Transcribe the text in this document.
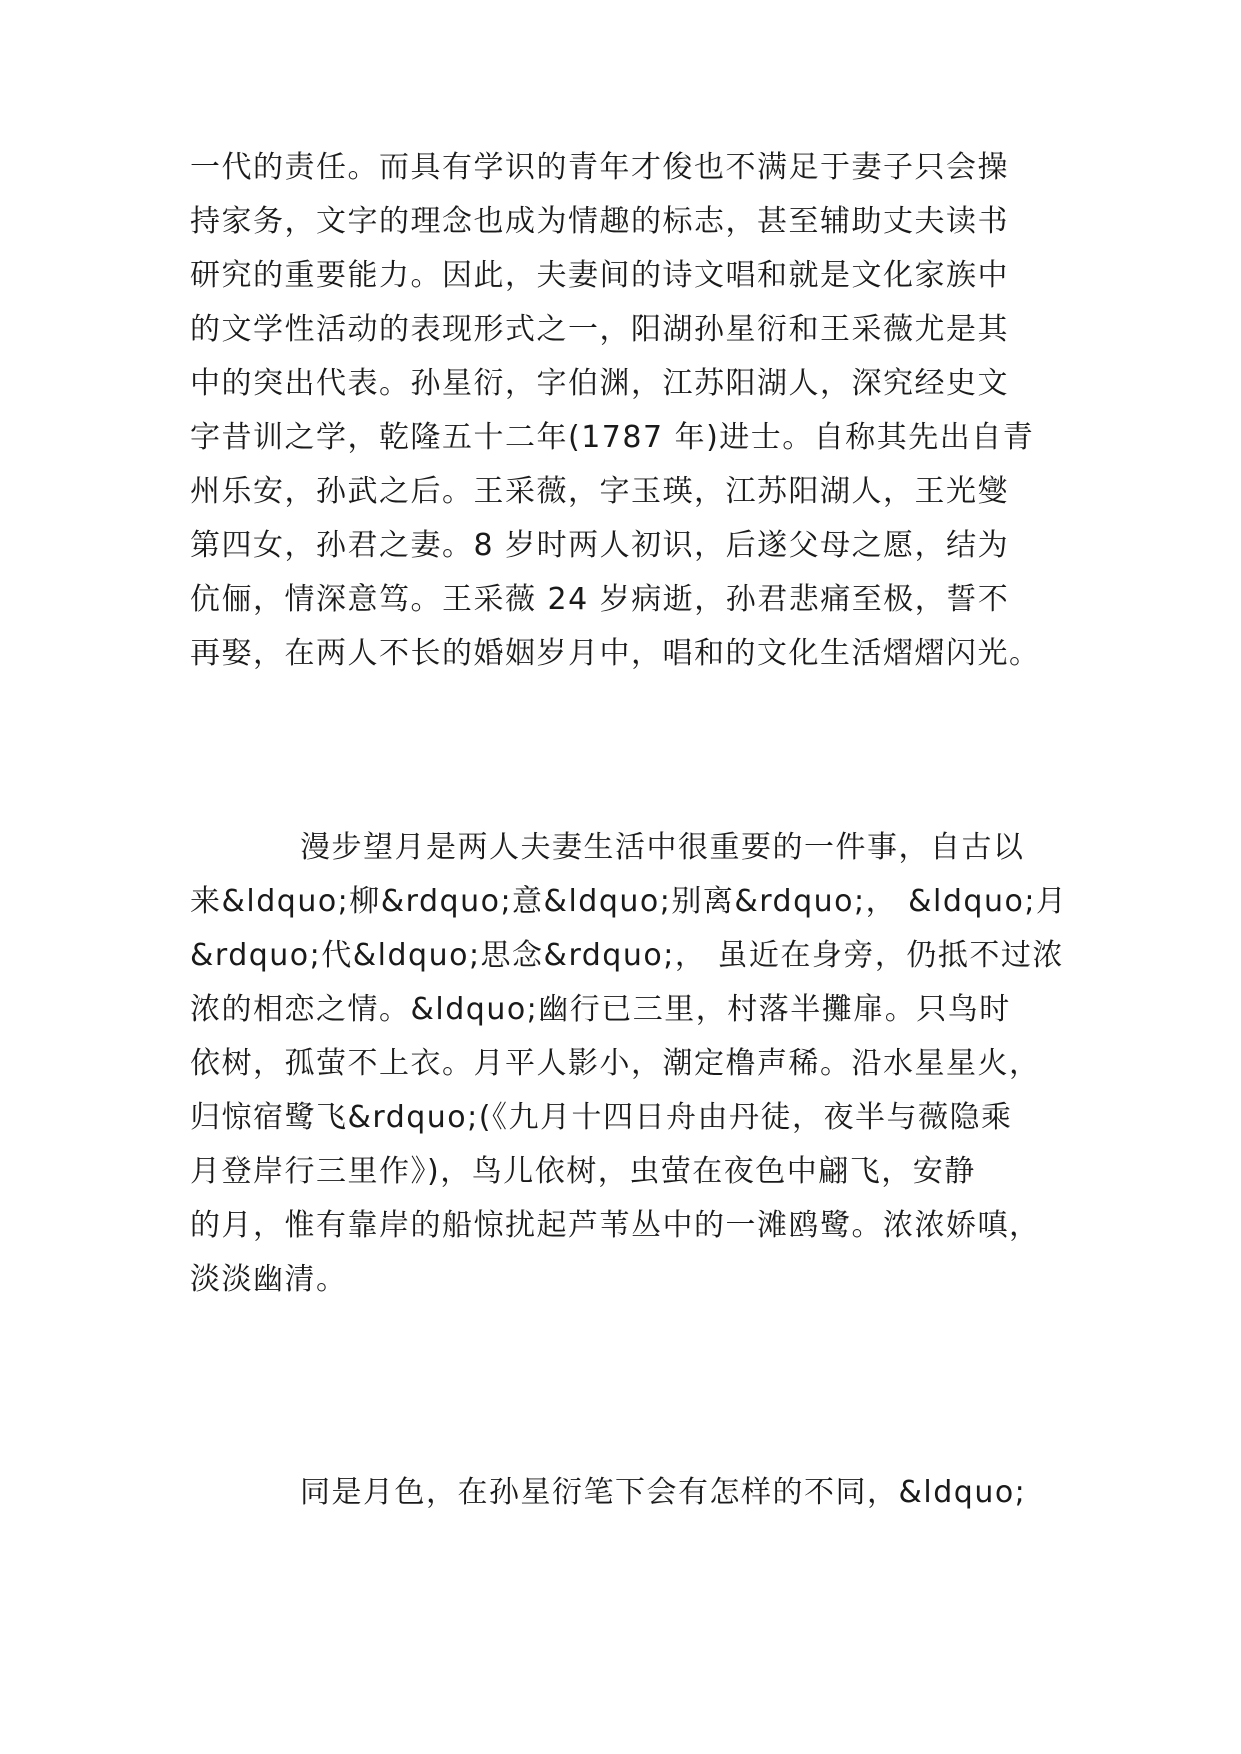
一代的责任。而具有学识的青年才俊也不满足于妻子只会操
持家务，文字的理念也成为情趣的标志，甚至辅助丈夫读书
研究的重要能力。因此，夫妻间的诗文唱和就是文化家族中
的文学性活动的表现形式之一，阳湖孙星衍和王采薇尤是其
中的突出代表。孙星衍，字伯渊，江苏阳湖人，深究经史文
字昔训之学，乾隆五十二年(1787 年)进士。自称其先出自青
州乐安，孙武之后。王采薇，字玉瑛，江苏阳湖人，王光燮
第四女，孙君之妻。8 岁时两人初识，后遂父母之愿，结为
伉俪，情深意笃。王采薇 24 岁病逝，孙君悲痛至极，誓不
再娶，在两人不长的婚姻岁月中，唱和的文化生活熠熠闪光。
漫步望月是两人夫妻生活中很重要的一件事，自古以
来&ldquo;柳&rdquo;意&ldquo;别离&rdquo;， &ldquo;月
&rdquo;代&ldquo;思念&rdquo;， 虽近在身旁，仍抵不过浓
浓的相恋之情。&ldquo;幽行已三里，村落半攤扉。只鸟时
依树，孤萤不上衣。月平人影小，潮定橹声稀。沿水星星火，
归惊宿鹭飞&rdquo;(《九月十四日舟由丹徒，夜半与薇隐乘
月登岸行三里作》)，鸟儿依树，虫萤在夜色中翩飞，安静
的月，惟有靠岸的船惊扰起芦苇丛中的一滩鸥鹭。浓浓娇嗔，
淡淡幽清。
同是月色，在孙星衍笔下会有怎样的不同，&ldquo;
